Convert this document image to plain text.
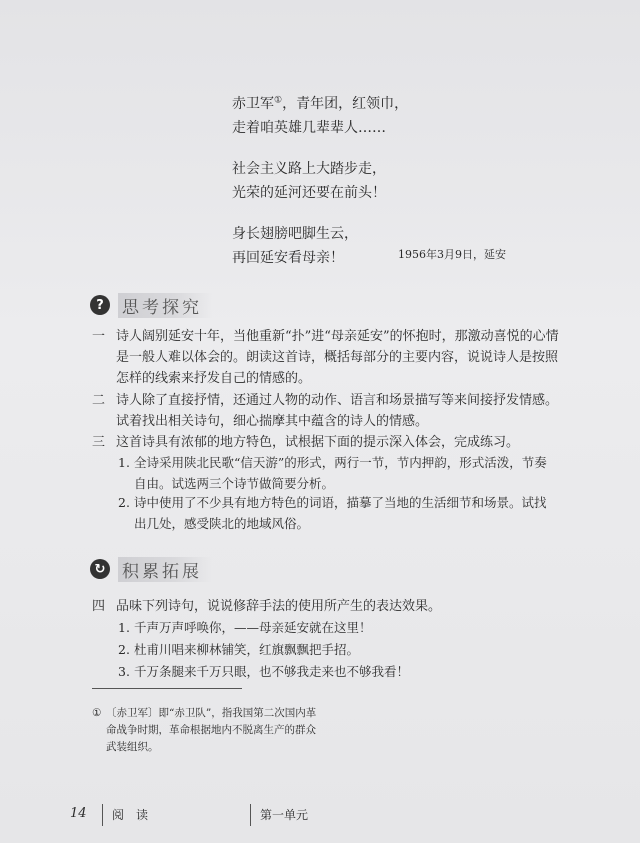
赤卫军①，青年团，红领巾，
走着咱英雄几辈辈人……
社会主义路上大踏步走，
光荣的延河还要在前头！
身长翅膀吧脚生云，
再回延安看母亲！	1956年3月9日，延安
?	思考探究
一 诗人阔别延安十年，当他重新“扑”进“母亲延安”的怀抱时，那激动喜悦的心情是一般人难以体会的。朗读这首诗，概括每部分的主要内容，说说诗人是按照怎样的线索来抒发自己的情感的。
二 诗人除了直接抒情，还通过人物的动作、语言和场景描写等来间接抒发情感。试着找出相关诗句，细心揣摩其中蕴含的诗人的情感。
三 这首诗具有浓郁的地方特色，试根据下面的提示深入体会，完成练习。
1. 全诗采用陕北民歌“信天游”的形式，两行一节，节内押韵，形式活泼，节奏自由。试选两三个诗节做简要分析。
2. 诗中使用了不少具有地方特色的词语，描摹了当地的生活细节和场景。试找出几处，感受陕北的地域风俗。
↻ 积累拓展
四 品味下列诗句，说说修辞手法的使用所产生的表达效果。
1. 千声万声呼唤你，——母亲延安就在这里！
2. 杜甫川唱来柳林铺笑，红旗飘飘把手招。
3. 千万条腿来千万只眼，也不够我走来也不够我看！
① 〔赤卫军〕即“赤卫队”，指我国第二次国内革命战争时期，革命根据地内不脱离生产的群众武装组织。
14 阅　读	第一单元
